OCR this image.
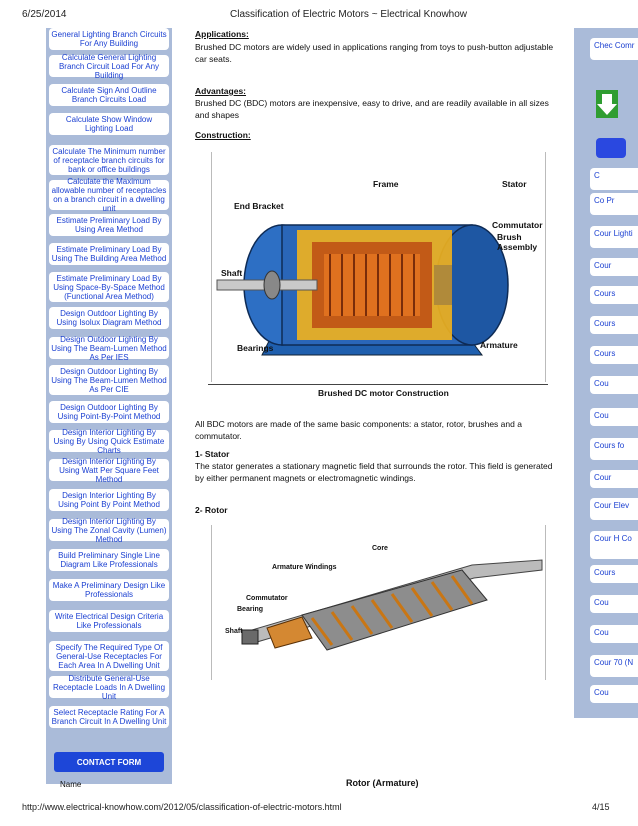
6/25/2014	Classification of Electric Motors ~ Electrical Knowhow
General Lighting Branch Circuits For Any Building
Calculate General Lighting Branch Circuit Load For Any Building
Calculate Sign And Outline Branch Circuits Load
Calculate Show Window Lighting Load
Calculate The Minimum number of receptacle branch circuits for bank or office buildings
Calculate the Maximum allowable number of receptacles on a branch circuit in a dwelling unit
Estimate Preliminary Load By Using Area Method
Estimate Preliminary Load By Using The Building Area Method
Estimate Preliminary Load By Using Space-By-Space Method (Functional Area Method)
Design Outdoor Lighting By Using Isolux Diagram Method
Design Outdoor Lighting By Using The Beam-Lumen Method As Per IES
Design Outdoor Lighting By Using The Beam-Lumen Method As Per CIE
Design Outdoor Lighting By Using Point-By-Point Method
Design Interior Lighting By Using By Using Quick Estimate Charts
Design Interior Lighting By Using Watt Per Square Feet Method
Design Interior Lighting By Using Point By Point Method
Design Interior Lighting By Using The Zonal Cavity (Lumen) Method
Build Preliminary Single Line Diagram Like Professionals
Make A Preliminary Design Like Professionals
Write Electrical Design Criteria Like Professionals
Specify The Required Type Of General-Use Receptacles For Each Area In A Dwelling Unit
Distribute General-Use Receptacle Loads In A Dwelling Unit
Select Receptacle Rating For A Branch Circuit In A Dwelling Unit
CONTACT FORM
Name
Applications:
Brushed DC motors are widely used in applications ranging from toys to push-button adjustable car seats.
Advantages:
Brushed DC (BDC) motors are inexpensive, easy to drive, and are readily available in all sizes and shapes
Construction:
Frame	Stator
End Bracket
Commutator
Brush
Assembly
Shaft
Bearings	Armature
Brushed DC motor Construction
All BDC motors are made of the same basic components: a stator, rotor, brushes and a commutator.
1- Stator
The stator generates a stationary magnetic field that surrounds the rotor. This field is generated by either permanent magnets or electromagnetic windings.
2- Rotor
Core
Armature Windings
Commutator
Bearing
Shaft
Rotor (Armature)
Chec Comr
C
Co Pr
Cour Lighti
Cour
Cours
Cours
Cours
Cou
Cou
Cours fo
Cour
Cour Elev
Cour H Co
Cours
Cou
Cou
Cour 70 (N
Cou
http://www.electrical-knowhow.com/2012/05/classification-of-electric-motors.html	4/15
